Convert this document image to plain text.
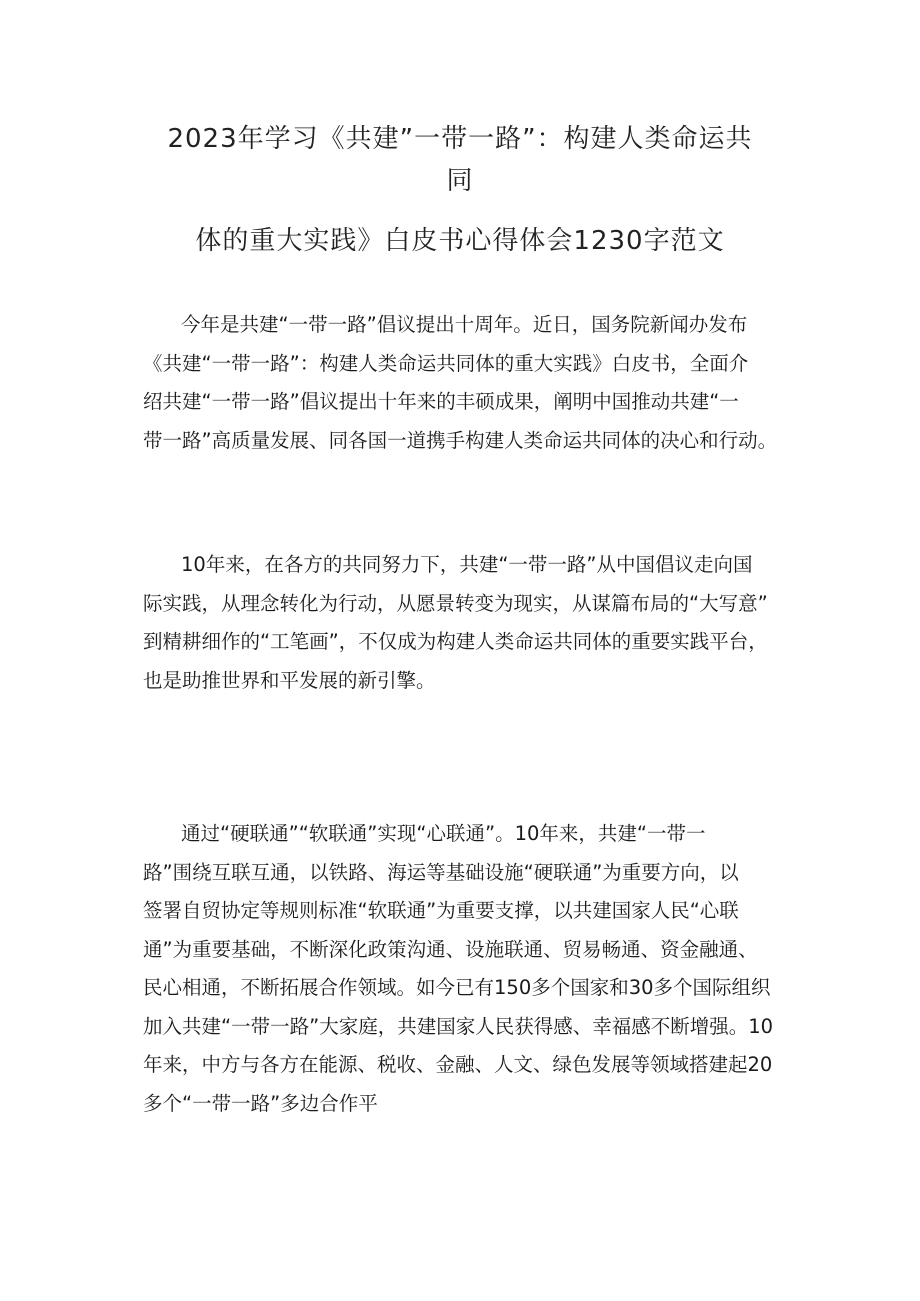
2023年学习《共建”一带一路”：构建人类命运共
同
体的重大实践》白皮书心得体会1230字范文
今年是共建“一带一路”倡议提出十周年。近日，国务院新闻办发布
《共建“一带一路”：构建人类命运共同体的重大实践》白皮书，全面介
绍共建“一带一路”倡议提出十年来的丰硕成果，阐明中国推动共建“一
带一路”高质量发展、同各国一道携手构建人类命运共同体的决心和行动。
10年来，在各方的共同努力下，共建“一带一路”从中国倡议走向国
际实践，从理念转化为行动，从愿景转变为现实，从谋篇布局的“大写意”
到精耕细作的“工笔画”，不仅成为构建人类命运共同体的重要实践平台，
也是助推世界和平发展的新引擎。
通过“硬联通”“软联通”实现“心联通”。10年来，共建“一带一
路”围绕互联互通，以铁路、海运等基础设施“硬联通”为重要方向，以
签署自贸协定等规则标准“软联通”为重要支撑，以共建国家人民“心联
通”为重要基础，不断深化政策沟通、设施联通、贸易畅通、资金融通、
民心相通，不断拓展合作领域。如今已有150多个国家和30多个国际组织
加入共建“一带一路”大家庭，共建国家人民获得感、幸福感不断增强。10
年来，中方与各方在能源、税收、金融、人文、绿色发展等领域搭建起20
多个“一带一路”多边合作平
